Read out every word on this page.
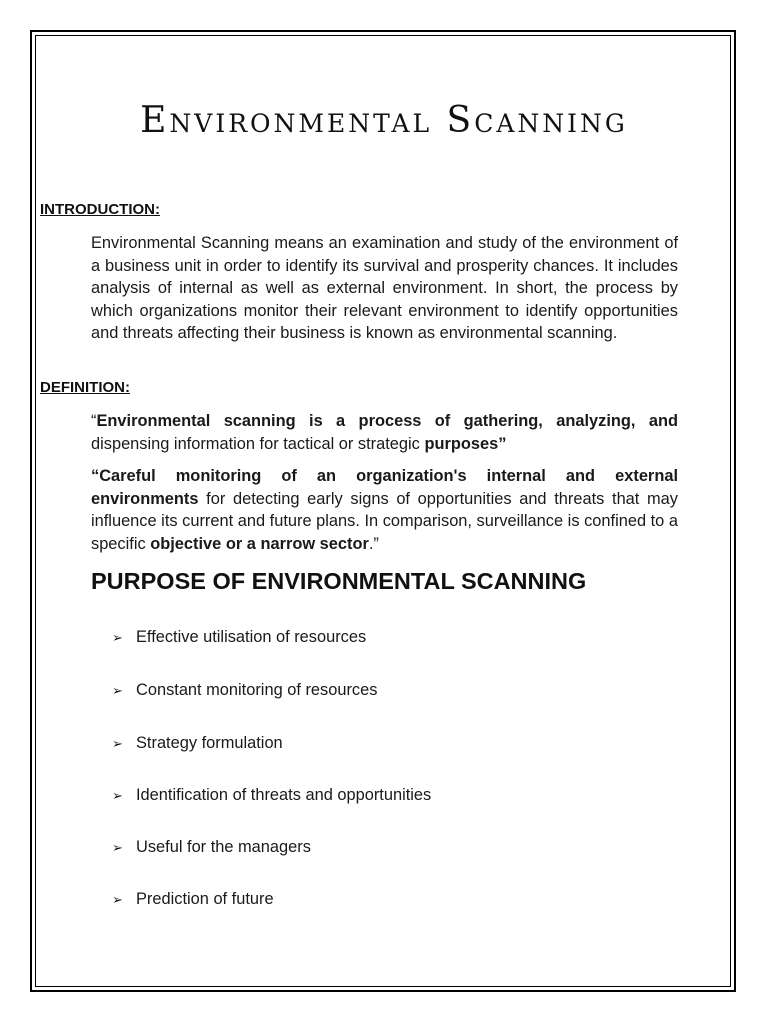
Environmental Scanning

INTRODUCTION:

Environmental Scanning means an examination and study of the environment of a business unit in order to identify its survival and prosperity chances. It includes analysis of internal as well as external environment. In short, the process by which organizations monitor their relevant environment to identify opportunities and threats affecting their business is known as environmental scanning.

DEFINITION:

“Environmental scanning is a process of gathering, analyzing, and dispensing information for tactical or strategic purposes”

“Careful monitoring of an organization's internal and external environments for detecting early signs of opportunities and threats that may influence its current and future plans. In comparison, surveillance is confined to a specific objective or a narrow sector.”

PURPOSE OF ENVIRONMENTAL SCANNING
➢ Effective utilisation of resources
➢ Constant monitoring of resources
➢ Strategy formulation
➢ Identification of threats and opportunities
➢ Useful for the managers
➢ Prediction of future
